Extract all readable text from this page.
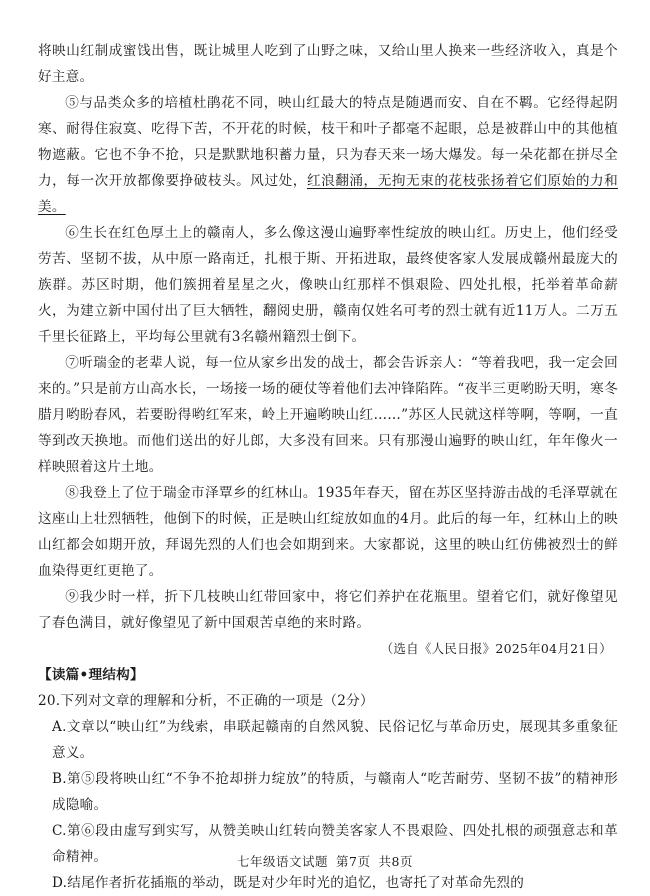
将映山红制成蜜饯出售，既让城里人吃到了山野之味，又给山里人换来一些经济收入，真是个好主意。

⑤与品类众多的培植杜鹃花不同，映山红最大的特点是随遇而安、自在不羁。它经得起阴寒、耐得住寂寞、吃得下苦，不开花的时候，枝干和叶子都毫不起眼，总是被群山中的其他植物遮蔽。它也不争不抢，只是默默地积蓄力量，只为春天来一场大爆发。每一朵花都在拼尽全力，每一次开放都像要挣破枝头。风过处，红浪翻涌，无拘无束的花枝张扬着它们原始的力和美。

⑥生长在红色厚土上的赣南人，多么像这漫山遍野率性绽放的映山红。历史上，他们经受劳苦、坚韧不拔，从中原一路南迁，扎根于斯、开拓进取，最终使客家人发展成赣州最庞大的族群。苏区时期，他们簇拥着星星之火，像映山红那样不惧艰险、四处扎根，托举着革命薪火，为建立新中国付出了巨大牺牲，翻阅史册，赣南仅姓名可考的烈士就有近11万人。二万五千里长征路上，平均每公里就有3名赣州籍烈士倒下。

⑦听瑞金的老辈人说，每一位从家乡出发的战士，都会告诉亲人：“等着我吧，我一定会回来的。”只是前方山高水长，一场接一场的硬仗等着他们去冲锋陷阵。“夜半三更哟盼天明，寒冬腊月哟盼春风，若要盼得哟红军来，岭上开遍哟映山红……”苏区人民就这样等啊，等啊，一直等到改天换地。而他们送出的好儿郎，大多没有回来。只有那漫山遍野的映山红，年年像火一样映照着这片土地。

⑧我登上了位于瑞金市泽覃乡的红林山。1935年春天，留在苏区坚持游击战的毛泽覃就在这座山上壮烈牺牲，他倒下的时候，正是映山红绽放如血的4月。此后的每一年，红林山上的映山红都会如期开放，拜谒先烈的人们也会如期到来。大家都说，这里的映山红仿佛被烈士的鲜血染得更红更艳了。

⑨我少时一样，折下几枝映山红带回家中，将它们养护在花瓶里。望着它们，就好像望见了春色满目，就好像望见了新中国艰苦卓绝的来时路。

（选自《人民日报》2025年04月21日）

【读篇•理结构】

20.下列对文章的理解和分析，不正确的一项是（2分）

A.文章以“映山红”为线索，串联起赣南的自然风貌、民俗记忆与革命历史，展现其多重象征意义。

B.第⑤段将映山红“不争不抢却拼力绽放”的特质，与赣南人“吃苦耐劳、坚韧不拔”的精神形成隐喻。

C.第⑥段由虚写到实写，从赞美映山红转向赞美客家人不畏艰险、四处扎根的顽强意志和革命精神。

D.结尾作者折花插瓶的举动，既是对少年时光的追忆，也寄托了对革命先烈的

七年级语文试题 第7页 共8页
